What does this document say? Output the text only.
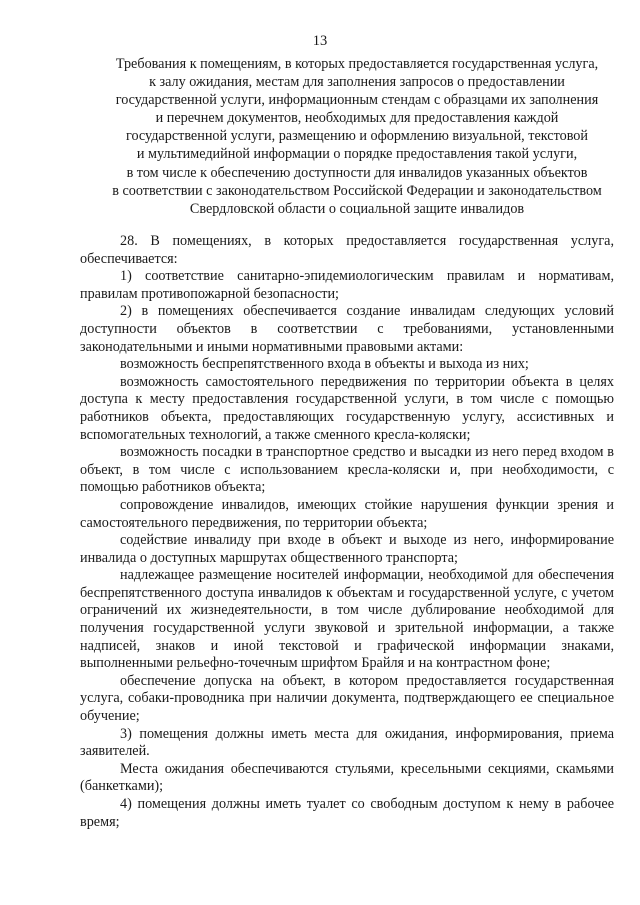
13
Требования к помещениям, в которых предоставляется государственная услуга,
к залу ожидания, местам для заполнения запросов о предоставлении
государственной услуги, информационным стендам с образцами их заполнения
и перечнем документов, необходимых для предоставления каждой
государственной услуги, размещению и оформлению визуальной, текстовой
и мультимедийной информации о порядке предоставления такой услуги,
в том числе к обеспечению доступности для инвалидов указанных объектов
в соответствии с законодательством Российской Федерации и законодательством
Свердловской области о социальной защите инвалидов

28. В помещениях, в которых предоставляется государственная услуга, обеспечивается:

1) соответствие санитарно-эпидемиологическим правилам и нормативам, правилам противопожарной безопасности;

2) в помещениях обеспечивается создание инвалидам следующих условий доступности объектов в соответствии с требованиями, установленными законодательными и иными нормативными правовыми актами:

возможность беспрепятственного входа в объекты и выхода из них;

возможность самостоятельного передвижения по территории объекта в целях доступа к месту предоставления государственной услуги, в том числе с помощью работников объекта, предоставляющих государственную услугу, ассистивных и вспомогательных технологий, а также сменного кресла-коляски;

возможность посадки в транспортное средство и высадки из него перед входом в объект, в том числе с использованием кресла-коляски и, при необходимости, с помощью работников объекта;

сопровождение инвалидов, имеющих стойкие нарушения функции зрения и самостоятельного передвижения, по территории объекта;

содействие инвалиду при входе в объект и выходе из него, информирование инвалида о доступных маршрутах общественного транспорта;

надлежащее размещение носителей информации, необходимой для обеспечения беспрепятственного доступа инвалидов к объектам и государственной услуге, с учетом ограничений их жизнедеятельности, в том числе дублирование необходимой для получения государственной услуги звуковой и зрительной информации, а также надписей, знаков и иной текстовой и графической информации знаками, выполненными рельефно-точечным шрифтом Брайля и на контрастном фоне;

обеспечение допуска на объект, в котором предоставляется государственная услуга, собаки-проводника при наличии документа, подтверждающего ее специальное обучение;

3) помещения должны иметь места для ожидания, информирования, приема заявителей.

Места ожидания обеспечиваются стульями, кресельными секциями, скамьями (банкетками);

4) помещения должны иметь туалет со свободным доступом к нему в рабочее время;
